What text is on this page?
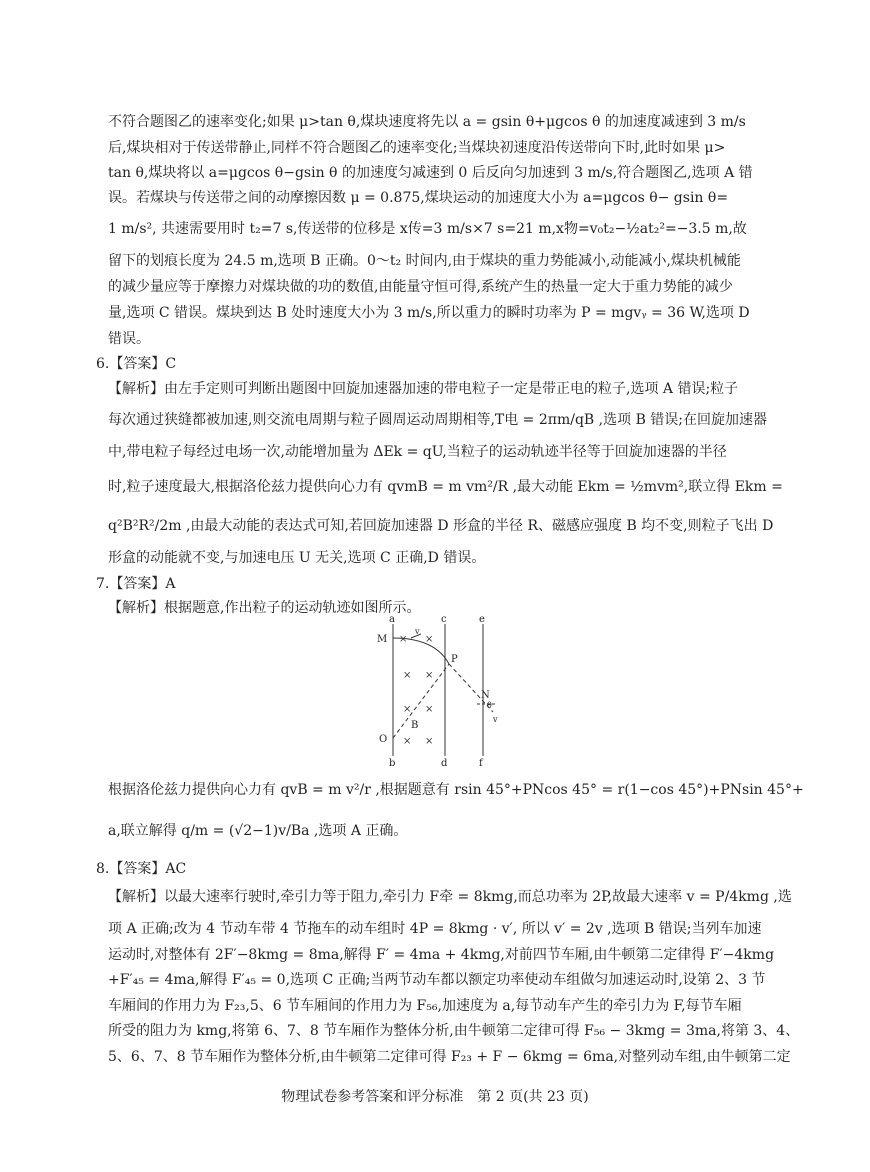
不符合题图乙的速率变化;如果 μ>tan θ,煤块速度将先以 a = gsin θ+μgcos θ 的加速度减速到 3 m/s
后,煤块相对于传送带静止,同样不符合题图乙的速率变化;当煤块初速度沿传送带向下时,此时如果 μ>
tan θ,煤块将以 a=μgcos θ−gsin θ 的加速度匀减速到 0 后反向匀加速到 3 m/s,符合题图乙,选项 A 错
误。若煤块与传送带之间的动摩擦因数 μ = 0.875,煤块运动的加速度大小为 a=μgcos θ− gsin θ=
1 m/s², 共速需要用时 t₂=7 s,传送带的位移是 x传=3 m/s×7 s=21 m,x物=v₀t₂−½at₂²=−3.5 m,故
留下的划痕长度为 24.5 m,选项 B 正确。0～t₂ 时间内,由于煤块的重力势能减小,动能减小,煤块机械能
的减少量应等于摩擦力对煤块做的功的数值,由能量守恒可得,系统产生的热量一定大于重力势能的减少
量,选项 C 错误。煤块到达 B 处时速度大小为 3 m/s,所以重力的瞬时功率为 P = mgvᵧ = 36 W,选项 D
错误。
6.【答案】C
【解析】由左手定则可判断出题图中回旋加速器加速的带电粒子一定是带正电的粒子,选项 A 错误;粒子
每次通过狭缝都被加速,则交流电周期与粒子圆周运动周期相等,T电 = 2πm/qB ,选项 B 错误;在回旋加速器
中,带电粒子每经过电场一次,动能增加量为 ΔEk = qU,当粒子的运动轨迹半径等于回旋加速器的半径
时,粒子速度最大,根据洛伦兹力提供向心力有 qvmB = m vm²/R ,最大动能 Ekm = ½mvm²,联立得 Ekm =
q²B²R²/2m ,由最大动能的表达式可知,若回旋加速器 D 形盒的半径 R、磁感应强度 B 均不变,则粒子飞出 D
形盒的动能就不变,与加速电压 U 无关,选项 C 正确,D 错误。
7.【答案】A
【解析】根据题意,作出粒子的运动轨迹如图所示。
a	c	e
b	d	f
M
P
N
O
B
v
v
θ
× ×
× ×
× ×
× ×
根据洛伦兹力提供向心力有 qvB = m v²/r ,根据题意有 rsin 45°+PNcos 45° = r(1−cos 45°)+PNsin 45°+
a,联立解得 q/m = (√2−1)v/Ba ,选项 A 正确。
8.【答案】AC
【解析】以最大速率行驶时,牵引力等于阻力,牵引力 F牵 = 8kmg,而总功率为 2P,故最大速率 v = P/4kmg ,选
项 A 正确;改为 4 节动车带 4 节拖车的动车组时 4P = 8kmg · v′, 所以 v′ = 2v ,选项 B 错误;当列车加速
运动时,对整体有 2F′−8kmg = 8ma,解得 F′ = 4ma + 4kmg,对前四节车厢,由牛顿第二定律得 F′−4kmg
+F′₄₅ = 4ma,解得 F′₄₅ = 0,选项 C 正确;当两节动车都以额定功率使动车组做匀加速运动时,设第 2、3 节
车厢间的作用力为 F₂₃,5、6 节车厢间的作用力为 F₅₆,加速度为 a,每节动车产生的牵引力为 F,每节车厢
所受的阻力为 kmg,将第 6、7、8 节车厢作为整体分析,由牛顿第二定律可得 F₅₆ − 3kmg = 3ma,将第 3、4、
5、6、7、8 节车厢作为整体分析,由牛顿第二定律可得 F₂₃ + F − 6kmg = 6ma,对整列动车组,由牛顿第二定
物理试卷参考答案和评分标准　第 2 页(共 23 页)
